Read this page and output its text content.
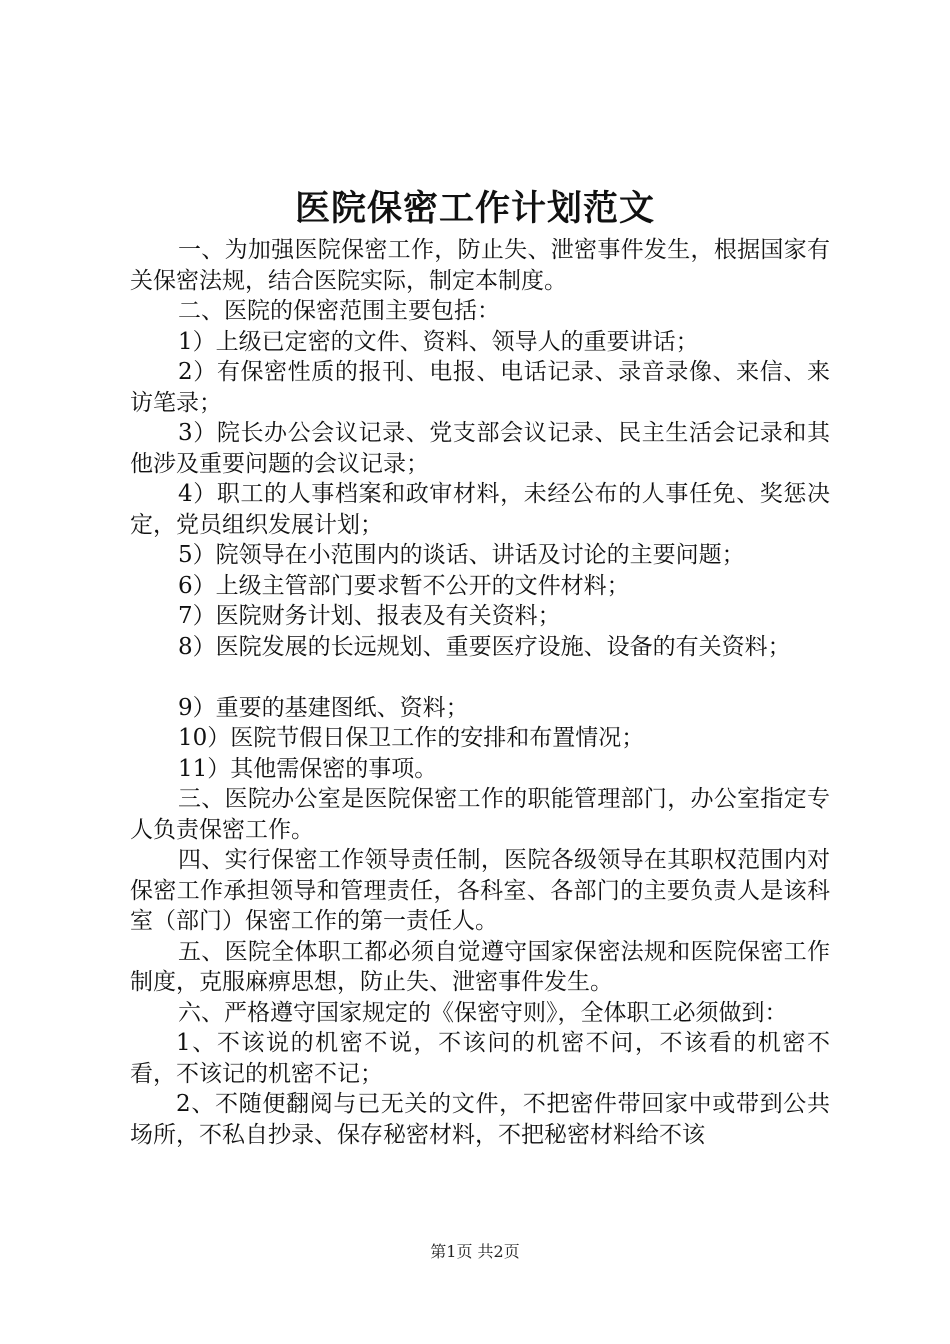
医院保密工作计划范文

一、为加强医院保密工作，防止失、泄密事件发生，根据国家有关保密法规，结合医院实际，制定本制度。

二、医院的保密范围主要包括：

1）上级已定密的文件、资料、领导人的重要讲话；

2）有保密性质的报刊、电报、电话记录、录音录像、来信、来访笔录；

3）院长办公会议记录、党支部会议记录、民主生活会记录和其他涉及重要问题的会议记录；

4）职工的人事档案和政审材料，未经公布的人事任免、奖惩决定，党员组织发展计划；

5）院领导在小范围内的谈话、讲话及讨论的主要问题；

6）上级主管部门要求暂不公开的文件材料；

7）医院财务计划、报表及有关资料；

8）医院发展的长远规划、重要医疗设施、设备的有关资料；

9）重要的基建图纸、资料；

10）医院节假日保卫工作的安排和布置情况；

11）其他需保密的事项。

三、医院办公室是医院保密工作的职能管理部门，办公室指定专人负责保密工作。

四、实行保密工作领导责任制，医院各级领导在其职权范围内对保密工作承担领导和管理责任，各科室、各部门的主要负责人是该科室（部门）保密工作的第一责任人。

五、医院全体职工都必须自觉遵守国家保密法规和医院保密工作制度，克服麻痹思想，防止失、泄密事件发生。

六、严格遵守国家规定的《保密守则》，全体职工必须做到：

1、不该说的机密不说，不该问的机密不问，不该看的机密不看，不该记的机密不记；

2、不随便翻阅与已无关的文件，不把密件带回家中或带到公共场所，不私自抄录、保存秘密材料，不把秘密材料给不该

第1页 共2页
